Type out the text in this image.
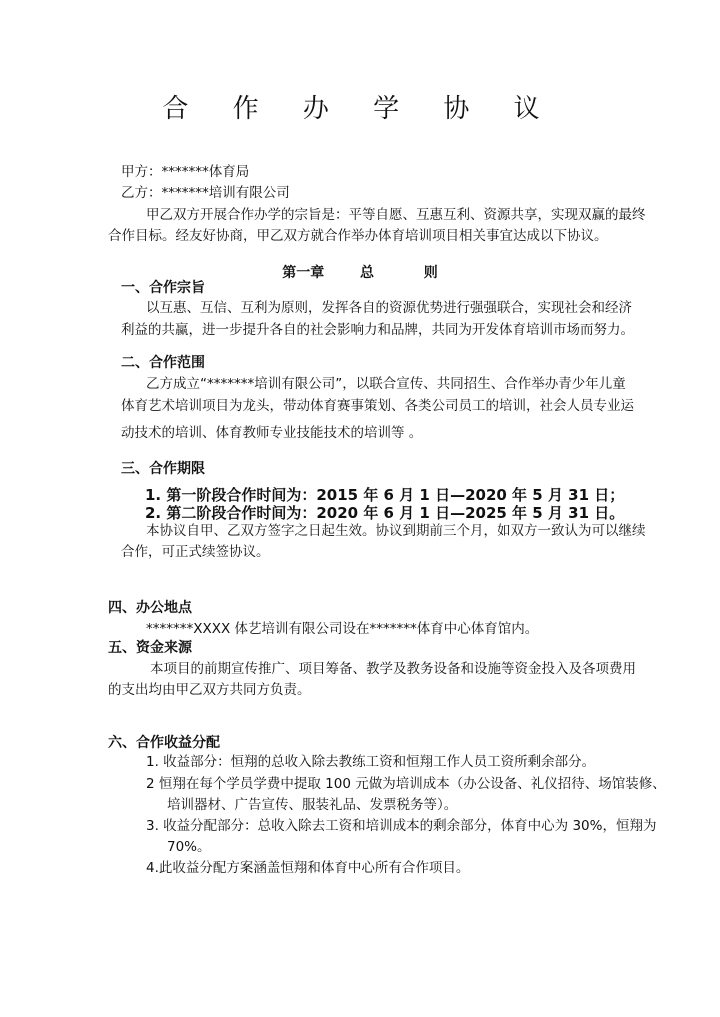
合 作 办 学 协 议
甲方：*******体育局
乙方：*******培训有限公司
甲乙双方开展合作办学的宗旨是：平等自愿、互惠互利、资源共享，实现双赢的最终
合作目标。经友好协商，甲乙双方就合作举办体育培训项目相关事宜达成以下协议。
第一章	总	则
一、合作宗旨
以互惠、互信、互利为原则，发挥各自的资源优势进行强强联合，实现社会和经济
利益的共赢，进一步提升各自的社会影响力和品牌，共同为开发体育培训市场而努力。
二、合作范围
乙方成立“*******培训有限公司”，以联合宣传、共同招生、合作举办青少年儿童
体育艺术培训项目为龙头，带动体育赛事策划、各类公司员工的培训，社会人员专业运
动技术的培训、体育教师专业技能技术的培训等 。
三、合作期限
1. 第一阶段合作时间为：2015 年 6 月 1 日—2020 年 5 月 31 日；
2. 第二阶段合作时间为：2020 年 6 月 1 日—2025 年 5 月 31 日。
本协议自甲、乙双方签字之日起生效。协议到期前三个月，如双方一致认为可以继续
合作，可正式续签协议。
四、办公地点
*******XXXX 体艺培训有限公司设在*******体育中心体育馆内。
五、资金来源
本项目的前期宣传推广、项目筹备、教学及教务设备和设施等资金投入及各项费用
的支出均由甲乙双方共同方负责。
六、合作收益分配
1. 收益部分：恒翔的总收入除去教练工资和恒翔工作人员工资所剩余部分。
2 恒翔在每个学员学费中提取 100 元做为培训成本（办公设备、礼仪招待、场馆装修、
培训器材、广告宣传、服装礼品、发票税务等）。
3. 收益分配部分：总收入除去工资和培训成本的剩余部分，体育中心为 30%，恒翔为
70%。
4.此收益分配方案涵盖恒翔和体育中心所有合作项目。
